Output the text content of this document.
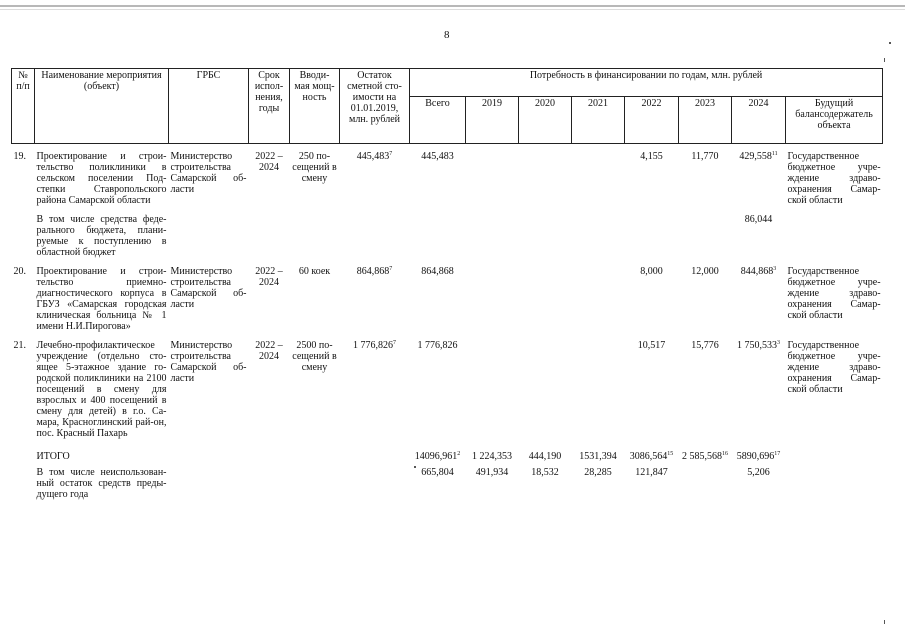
8
№ п/п	Наименование мероприятия (объект)	ГРБС	Срок испол-нения, годы	Вводи-мая мощ-ность	Остаток сметной сто-имости на 01.01.2019, млн. рублей	Потребность в финансировании по годам, млн. рублей							
						Всего	2019	2020	2021	2022	2023	2024	Будущий балансодержатель объекта

19.	Проектирование и строи-тельство поликлиники в сельском поселении Под-степки Ставропольского района Самарской области	Министерство строительства Самарской об-ласти	2022 – 2024	250 по-сещений в смену	445,483$^7$	445,483				4,155	11,770	429,558$^{11}$	Государственное бюджетное учре-ждение здраво-охранения Самар-ской области

	В том числе средства феде-рального бюджета, плани-руемые к поступлению в областной бюджет											86,044	

20.	Проектирование и строи-тельство приемно-диагностического корпуса в ГБУЗ «Самарская городская клиническая больница № 1 имени Н.И.Пирогова»	Министерство строительства Самарской об-ласти	2022 – 2024	60 коек	864,868$^7$	864,868				8,000	12,000	844,868$^3$	Государственное бюджетное учре-ждение здраво-охранения Самар-ской области

21.	Лечебно-профилактическое учреждение (отдельно сто-ящее 5-этажное здание го-родской поликлиники на 2100 посещений в смену для взрослых и 400 посещений в смену для детей) в г.о. Са-мара, Красноглинский рай-он, пос. Красный Пахарь	Министерство строительства Самарской об-ласти	2022 – 2024	2500 по-сещений в смену	1 776,826$^7$	1 776,826				10,517	15,776	1 750,533$^3$	Государственное бюджетное учре-ждение здраво-охранения Самар-ской области

	ИТОГО					14096,961$^2$	1 224,353	444,190	1531,394	3086,564$^{15}$	2 585,568$^{16}$	5890,696$^{17}$	

	В том числе неиспользован-ный остаток средств преды-дущего года					665,804	491,934	18,532	28,285	121,847		5,206	
